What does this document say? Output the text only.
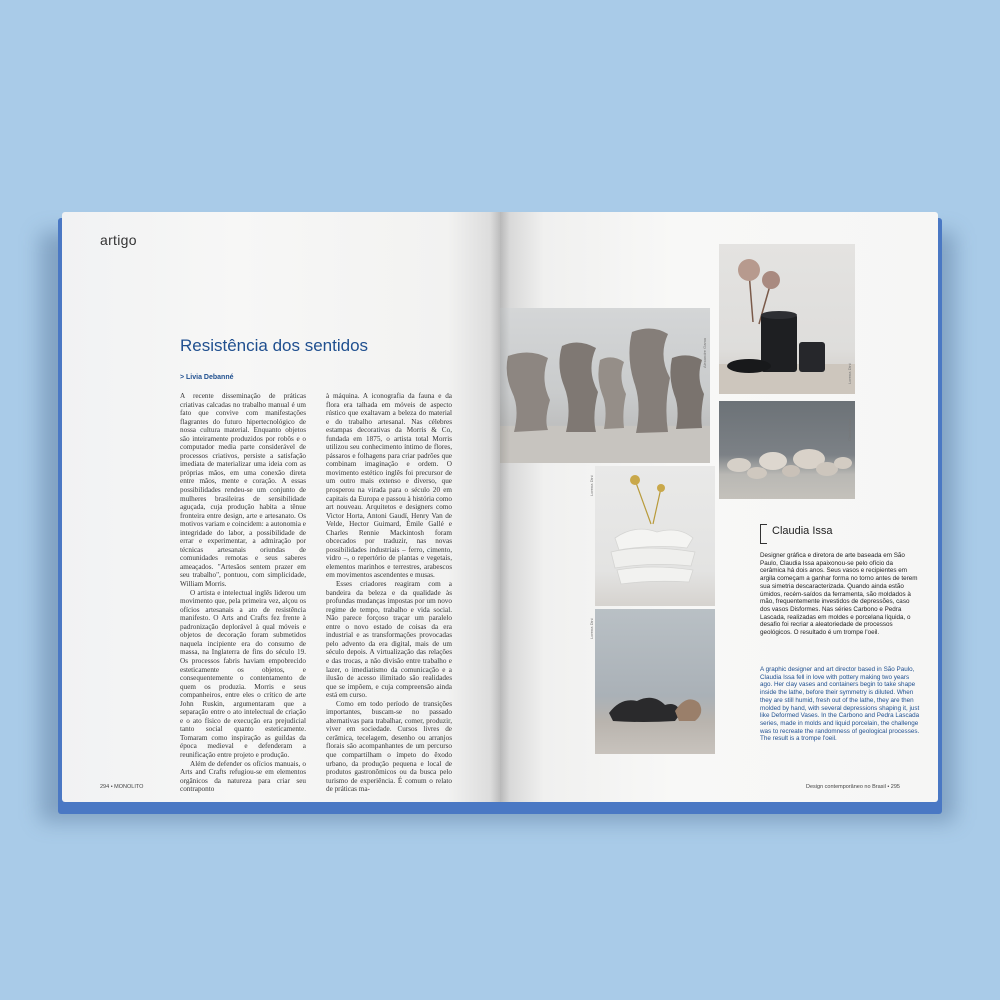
artigo
Resistência dos sentidos
> Livia Debanné

A recente disseminação de práticas criativas calcadas no trabalho manual é um fato que convive com manifestações flagrantes do futuro hipertecnológico de nossa cultura material. Enquanto objetos são inteiramente produzidos por robôs e o computador media parte considerável de processos criativos, persiste a satisfação imediata de materializar uma ideia com as próprias mãos, em uma conexão direta entre mãos, mente e coração. A essas possibilidades rendeu-se um conjunto de mulheres brasileiras de sensibilidade aguçada, cuja produção habita a tênue fronteira entre design, arte e artesanato. Os motivos variam e coincidem: a autonomia e integridade do labor, a possibilidade de errar e experimentar, a admiração por técnicas artesanais oriundas de comunidades remotas e seus saberes ameaçados. "Artesãos sentem prazer em seu trabalho", pontuou, com simplicidade, William Morris.

O artista e intelectual inglês liderou um movimento que, pela primeira vez, alçou os ofícios artesanais a ato de resistência manifesto. O Arts and Crafts fez frente à padronização deplorável à qual móveis e objetos de decoração foram submetidos naquela incipiente era do consumo de massa, na Inglaterra de fins do século 19. Os processos fabris haviam empobrecido esteticamente os objetos, e consequentemente o contentamento de quem os produzia. Morris e seus companheiros, entre eles o crítico de arte John Ruskin, argumentaram que a separação entre o ato intelectual de criação e o ato físico de execução era prejudicial tanto social quanto esteticamente. Tomaram como inspiração as guildas da época medieval e defenderam a reunificação entre projeto e produção.

Além de defender os ofícios manuais, o Arts and Crafts refugiou-se em elementos orgânicos da natureza para criar seu contraponto

à máquina. A iconografia da fauna e da flora era talhada em móveis de aspecto rústico que exaltavam a beleza do material e do trabalho artesanal. Nas célebres estampas decorativas da Morris & Co, fundada em 1875, o artista total Morris utilizou seu conhecimento íntimo de flores, pássaros e folhagens para criar padrões que combinam imaginação e ordem. O movimento estético inglês foi precursor de um outro mais extenso e diverso, que prosperou na virada para o século 20 em capitais da Europa e passou à história como art nouveau. Arquitetos e designers como Victor Horta, Antoni Gaudí, Henry Van de Velde, Hector Guimard, Émile Gallé e Charles Rennie Mackintosh foram obcecados por traduzir, nas novas possibilidades industriais – ferro, cimento, vidro –, o repertório de plantas e vegetais, elementos marinhos e terrestres, arabescos em movimentos ascendentes e musas.

Esses criadores reagiram com a bandeira da beleza e da qualidade às profundas mudanças impostas por um novo regime de tempo, trabalho e vida social. Não parece forçoso traçar um paralelo entre o novo estado de coisas da era industrial e as transformações provocadas pelo advento da era digital, mais de um século depois. A virtualização das relações e das trocas, a não divisão entre trabalho e lazer, o imediatismo da comunicação e a ilusão de acesso ilimitado são realidades que se impõem, e cuja compreensão ainda está em curso.

Como em todo período de transições importantes, buscam-se no passado alternativas para trabalhar, comer, produzir, viver em sociedade. Cursos livres de cerâmica, tecelagem, desenho ou arranjos florais são acompanhantes de um percurso que compartilham o ímpeto do êxodo urbano, da produção pequena e local de produtos gastronômicos ou da busca pelo turismo de experiência. É comum o relato de práticas ma-

294 • MONOLITO
Alexandre Gama
Lorena Dini
Claudia Issa
Lorena Dini
Lorena Dini
Claudia Issa

Designer gráfica e diretora de arte baseada em São Paulo, Claudia Issa apaixonou-se pelo ofício da cerâmica há dois anos. Seus vasos e recipientes em argila começam a ganhar forma no torno antes de terem sua simetria descaracterizada. Quando ainda estão úmidos, recém-saídos da ferramenta, são moldados à mão, frequentemente investidos de depressões, caso dos vasos Disformes. Nas séries Carbono e Pedra Lascada, realizadas em moldes e porcelana líquida, o desafio foi recriar a aleatoriedade de processos geológicos. O resultado é um trompe l'oeil.

A graphic designer and art director based in São Paulo, Claudia Issa fell in love with pottery making two years ago. Her clay vases and containers begin to take shape inside the lathe, before their symmetry is diluted. When they are still humid, fresh out of the lathe, they are then molded by hand, with several depressions shaping it, just like Deformed Vases. In the Carbono and Pedra Lascada series, made in molds and liquid porcelain, the challenge was to recreate the randomness of geological processes. The result is a trompe l'oeil.

Design contemporâneo no Brasil • 295
